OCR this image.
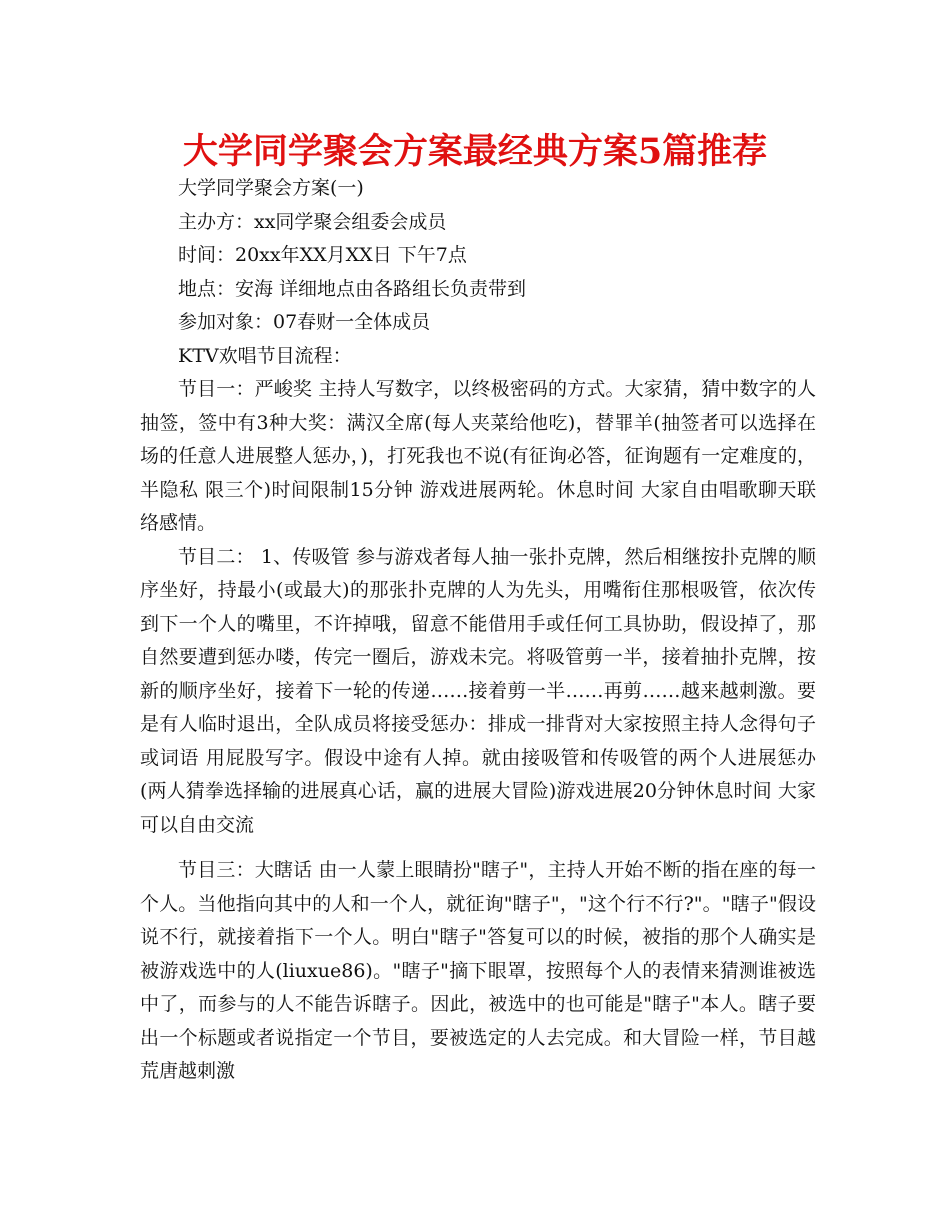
大学同学聚会方案最经典方案5篇推荐

大学同学聚会方案(一)

主办方：xx同学聚会组委会成员

时间：20xx年XX月XX日 下午7点

地点：安海 详细地点由各路组长负责带到

参加对象：07春财一全体成员

KTV欢唱节目流程：

节目一：严峻奖 主持人写数字，以终极密码的方式。大家猜，猜中数字的人抽签，签中有3种大奖：满汉全席(每人夹菜给他吃)，替罪羊(抽签者可以选择在场的任意人进展整人惩办，)，打死我也不说(有征询必答，征询题有一定难度的，半隐私 限三个)时间限制15分钟 游戏进展两轮。休息时间 大家自由唱歌聊天联络感情。

节目二： 1、传吸管 参与游戏者每人抽一张扑克牌，然后相继按扑克牌的顺序坐好，持最小(或最大)的那张扑克牌的人为先头，用嘴衔住那根吸管，依次传到下一个人的嘴里，不许掉哦，留意不能借用手或任何工具协助，假设掉了，那自然要遭到惩办喽，传完一圈后，游戏未完。将吸管剪一半，接着抽扑克牌，按新的顺序坐好，接着下一轮的传递……接着剪一半……再剪……越来越刺激。要是有人临时退出，全队成员将接受惩办：排成一排背对大家按照主持人念得句子或词语 用屁股写字。假设中途有人掉。就由接吸管和传吸管的两个人进展惩办(两人猜拳选择输的进展真心话，赢的进展大冒险)游戏进展20分钟休息时间 大家可以自由交流

节目三：大瞎话 由一人蒙上眼睛扮"瞎子"，主持人开始不断的指在座的每一个人。当他指向其中的人和一个人，就征询"瞎子"，"这个行不行?"。"瞎子"假设说不行，就接着指下一个人。明白"瞎子"答复可以的时候，被指的那个人确实是被游戏选中的人(liuxue86)。"瞎子"摘下眼罩，按照每个人的表情来猜测谁被选中了，而参与的人不能告诉瞎子。因此，被选中的也可能是"瞎子"本人。瞎子要出一个标题或者说指定一个节目，要被选定的人去完成。和大冒险一样，节目越荒唐越刺激
